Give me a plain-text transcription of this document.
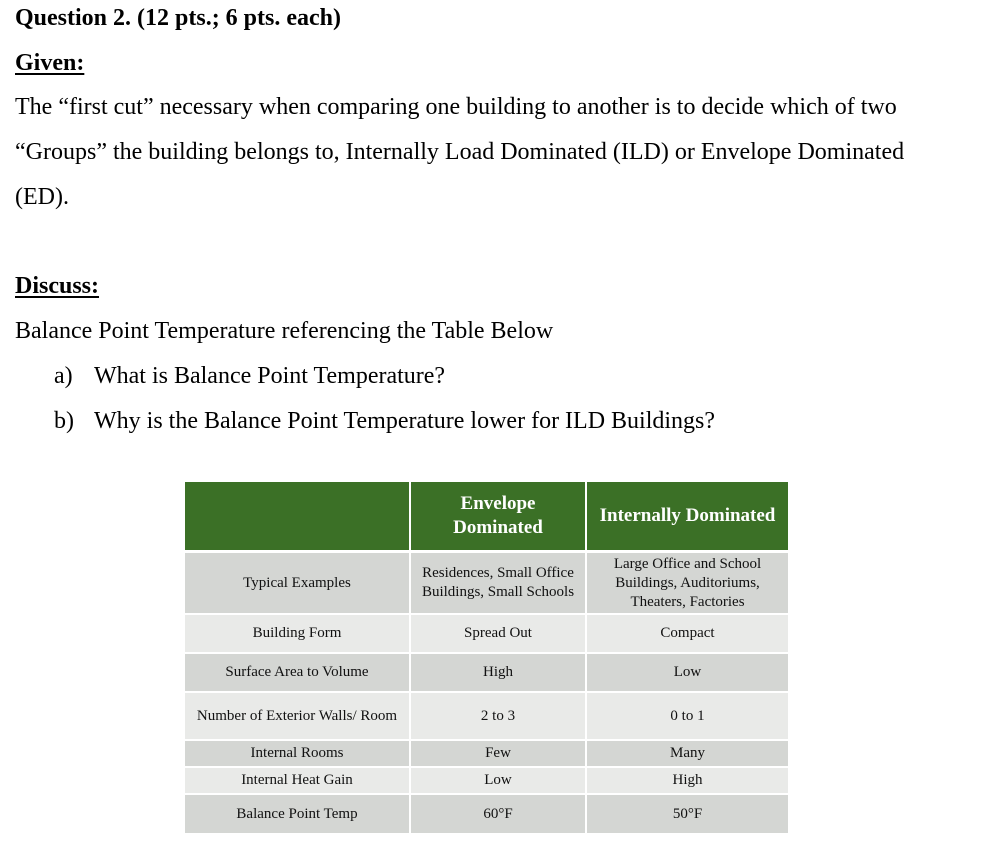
Question 2. (12 pts.; 6 pts. each)
Given:
The “first cut” necessary when comparing one building to another is to decide which of two
“Groups” the building belongs to, Internally Load Dominated (ILD) or Envelope Dominated
(ED).
Discuss:
Balance Point Temperature referencing the Table Below
a) What is Balance Point Temperature?
b) Why is the Balance Point Temperature lower for ILD Buildings?
	Envelope Dominated	Internally Dominated
Typical Examples	Residences, Small Office Buildings, Small Schools	Large Office and School Buildings, Auditoriums, Theaters, Factories
Building Form	Spread Out	Compact
Surface Area to Volume	High	Low
Number of Exterior Walls/ Room	2 to 3	0 to 1
Internal Rooms	Few	Many
Internal Heat Gain	Low	High
Balance Point Temp	60°F	50°F
